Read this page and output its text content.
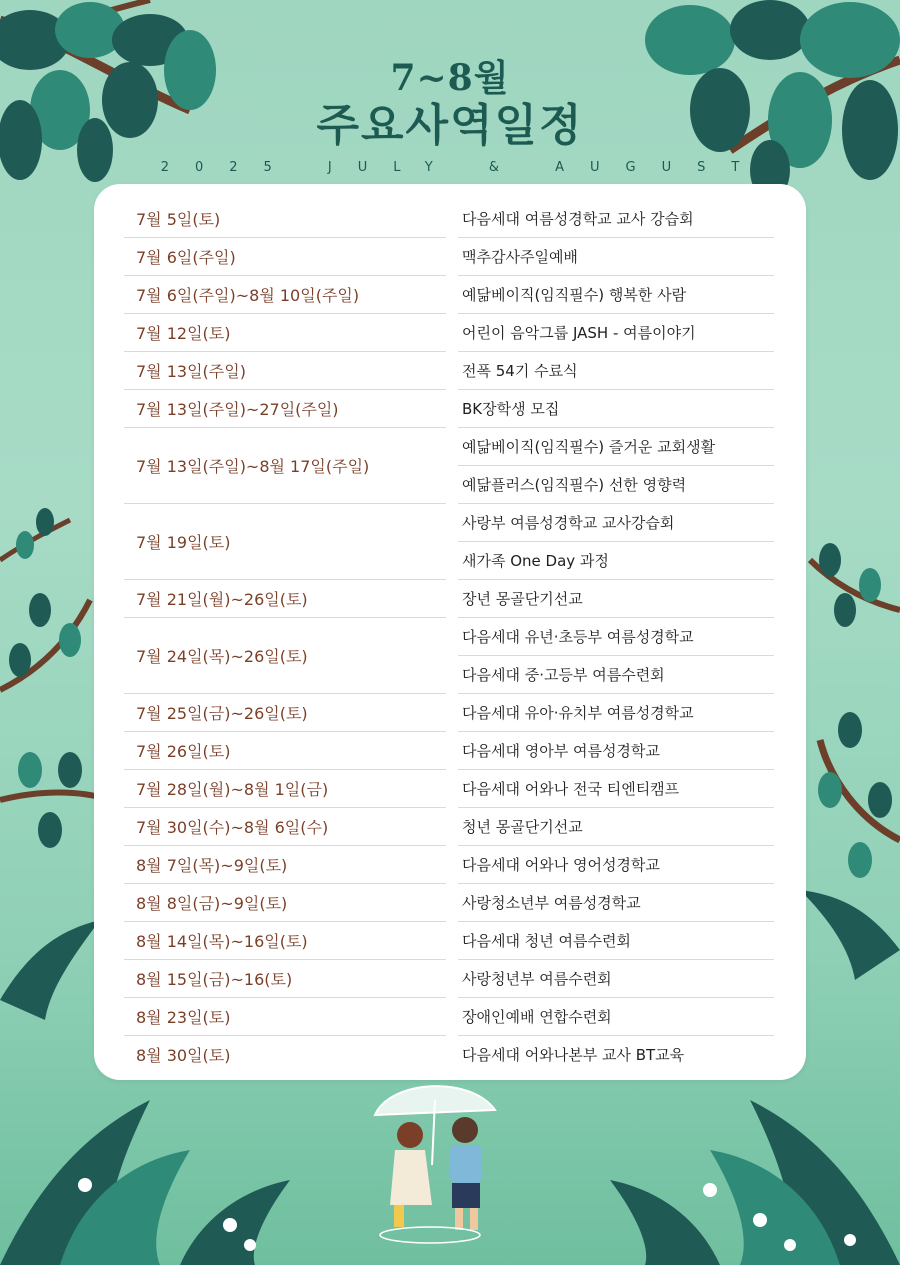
7~8월
주요사역일정
2025 JULY & AUGUST
7월 5일(토)		다음세대 여름성경학교 교사 강습회
7월 6일(주일)		맥추감사주일예배
7월 6일(주일)~8월 10일(주일)		예닮베이직(임직필수) 행복한 사람
7월 12일(토)		어린이 음악그룹 JASH - 여름이야기
7월 13일(주일)		전폭 54기 수료식
7월 13일(주일)~27일(주일)		BK장학생 모집
7월 13일(주일)~8월 17일(주일)		예닮베이직(임직필수) 즐거운 교회생활
		예닮플러스(임직필수) 선한 영향력
7월 19일(토)		사랑부 여름성경학교 교사강습회
		새가족 One Day 과정
7월 21일(월)~26일(토)		장년 몽골단기선교
7월 24일(목)~26일(토)		다음세대 유년·초등부 여름성경학교
		다음세대 중·고등부 여름수련회
7월 25일(금)~26일(토)		다음세대 유아·유치부 여름성경학교
7월 26일(토)		다음세대 영아부 여름성경학교
7월 28일(월)~8월 1일(금)		다음세대 어와나 전국 티엔티캠프
7월 30일(수)~8월 6일(수)		청년 몽골단기선교
8월 7일(목)~9일(토)		다음세대 어와나 영어성경학교
8월 8일(금)~9일(토)		사랑청소년부 여름성경학교
8월 14일(목)~16일(토)		다음세대 청년 여름수련회
8월 15일(금)~16(토)		사랑청년부 여름수련회
8월 23일(토)		장애인예배 연합수련회
8월 30일(토)		다음세대 어와나본부 교사 BT교육
